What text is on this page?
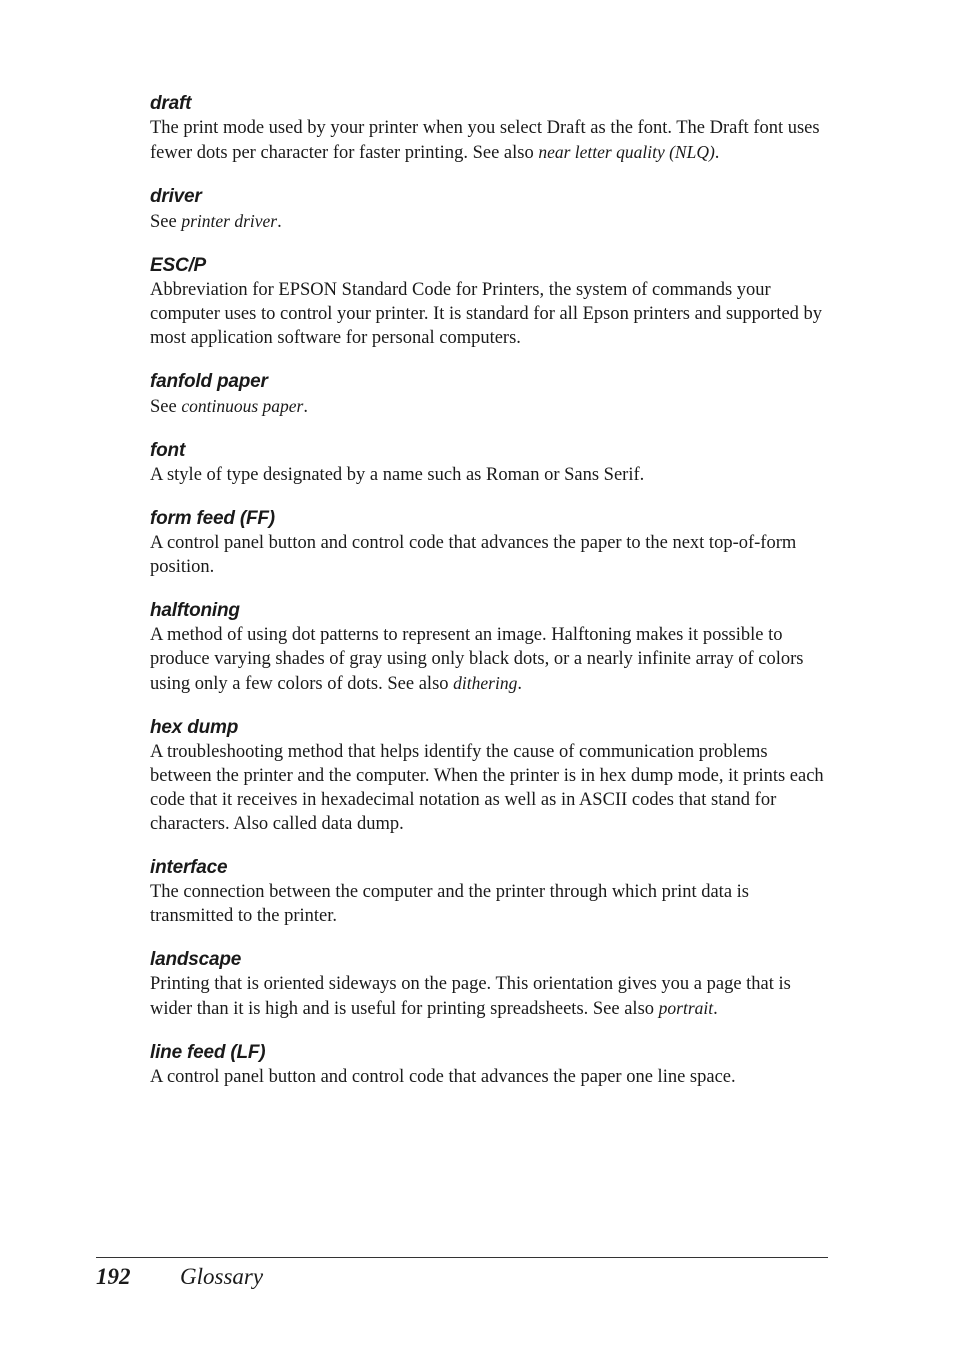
draft
The print mode used by your printer when you select Draft as the font. The Draft font uses fewer dots per character for faster printing. See also near letter quality (NLQ).
driver
See printer driver.
ESC/P
Abbreviation for EPSON Standard Code for Printers, the system of commands your computer uses to control your printer. It is standard for all Epson printers and supported by most application software for personal computers.
fanfold paper
See continuous paper.
font
A style of type designated by a name such as Roman or Sans Serif.
form feed (FF)
A control panel button and control code that advances the paper to the next top-of-form position.
halftoning
A method of using dot patterns to represent an image. Halftoning makes it possible to produce varying shades of gray using only black dots, or a nearly infinite array of colors using only a few colors of dots. See also dithering.
hex dump
A troubleshooting method that helps identify the cause of communication problems between the printer and the computer. When the printer is in hex dump mode, it prints each code that it receives in hexadecimal notation as well as in ASCII codes that stand for characters. Also called data dump.
interface
The connection between the computer and the printer through which print data is transmitted to the printer.
landscape
Printing that is oriented sideways on the page. This orientation gives you a page that is wider than it is high and is useful for printing spreadsheets. See also portrait.
line feed (LF)
A control panel button and control code that advances the paper one line space.
192 Glossary
